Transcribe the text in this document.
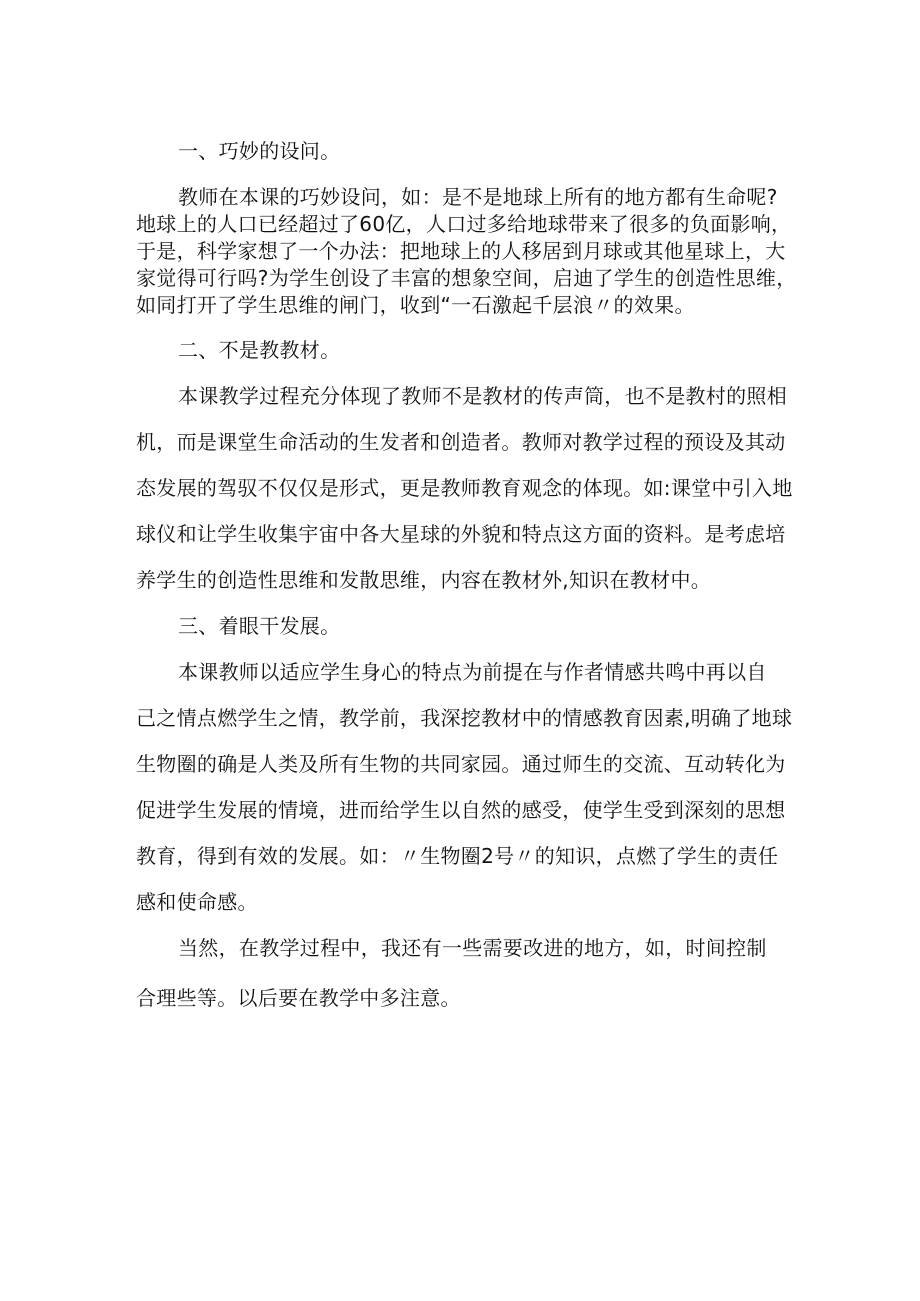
一、巧妙的设问。
教师在本课的巧妙设问，如：是不是地球上所有的地方都有生命呢?
地球上的人口已经超过了60亿，人口过多给地球带来了很多的负面影响，
于是，科学家想了一个办法：把地球上的人移居到月球或其他星球上，大
家觉得可行吗?为学生创设了丰富的想象空间，启迪了学生的创造性思维，
如同打开了学生思维的闸门，收到“一石激起千层浪〃的效果。
二、不是教教材。
本课教学过程充分体现了教师不是教材的传声筒，也不是教村的照相
机，而是课堂生命活动的生发者和创造者。教师对教学过程的预设及其动
态发展的驾驭不仅仅是形式，更是教师教育观念的体现。如:课堂中引入地
球仪和让学生收集宇宙中各大星球的外貌和特点这方面的资料。是考虑培
养学生的创造性思维和发散思维，内容在教材外,知识在教材中。
三、着眼干发展。
本课教师以适应学生身心的特点为前提在与作者情感共鸣中再以自
己之情点燃学生之情，教学前，我深挖教材中的情感教育因素,明确了地球
生物圈的确是人类及所有生物的共同家园。通过师生的交流、互动转化为
促进学生发展的情境，进而给学生以自然的感受，使学生受到深刻的思想
教育，得到有效的发展。如：〃生物圈2号〃的知识，点燃了学生的责任
感和使命感。
当然，在教学过程中，我还有一些需要改进的地方，如，时间控制
合理些等。以后要在教学中多注意。
